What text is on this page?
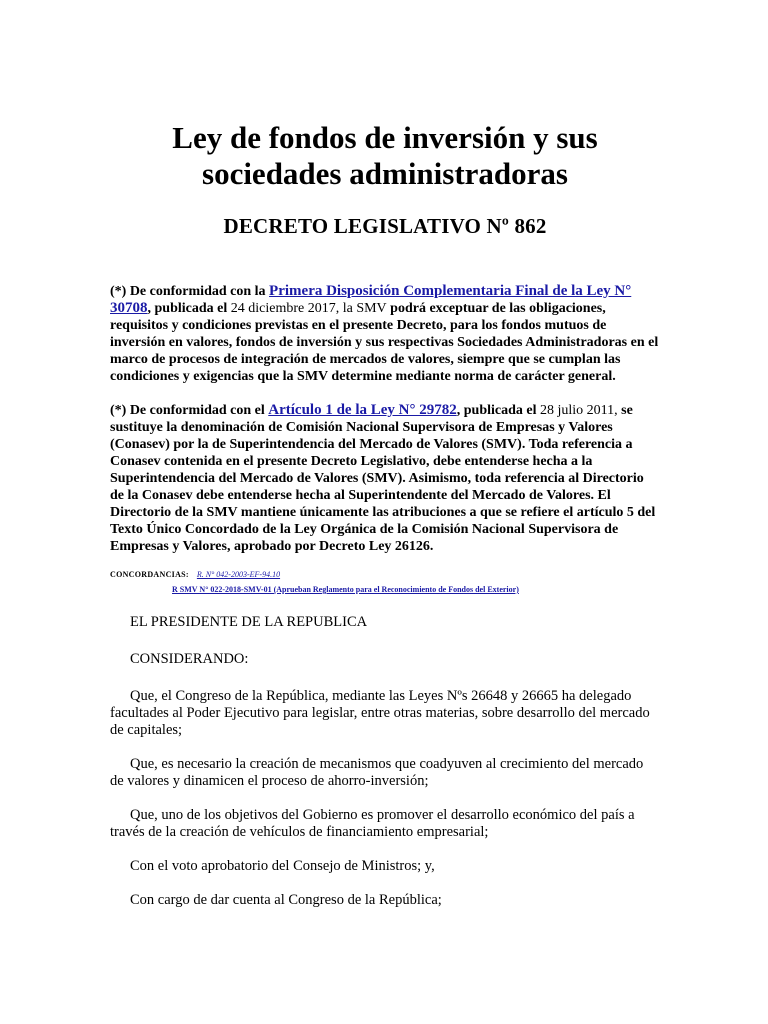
Ley de fondos de inversión y sus sociedades administradoras
DECRETO LEGISLATIVO Nº 862
(*) De conformidad con la Primera Disposición Complementaria Final de la Ley N° 30708, publicada el 24 diciembre 2017, la SMV podrá exceptuar de las obligaciones, requisitos y condiciones previstas en el presente Decreto, para los fondos mutuos de inversión en valores, fondos de inversión y sus respectivas Sociedades Administradoras en el marco de procesos de integración de mercados de valores, siempre que se cumplan las condiciones y exigencias que la SMV determine mediante norma de carácter general.
(*) De conformidad con el Artículo 1 de la Ley N° 29782, publicada el 28 julio 2011, se sustituye la denominación de Comisión Nacional Supervisora de Empresas y Valores (Conasev) por la de Superintendencia del Mercado de Valores (SMV). Toda referencia a Conasev contenida en el presente Decreto Legislativo, debe entenderse hecha a la Superintendencia del Mercado de Valores (SMV). Asimismo, toda referencia al Directorio de la Conasev debe entenderse hecha al Superintendente del Mercado de Valores. El Directorio de la SMV mantiene únicamente las atribuciones a que se refiere el artículo 5 del Texto Único Concordado de la Ley Orgánica de la Comisión Nacional Supervisora de Empresas y Valores, aprobado por Decreto Ley 26126.
CONCORDANCIAS: R. N° 042-2003-EF-94.10
R SMV N° 022-2018-SMV-01 (Aprueban Reglamento para el Reconocimiento de Fondos del Exterior)

EL PRESIDENTE DE LA REPUBLICA

CONSIDERANDO:

Que, el Congreso de la República, mediante las Leyes Nºs 26648 y 26665 ha delegado facultades al Poder Ejecutivo para legislar, entre otras materias, sobre desarrollo del mercado de capitales;

Que, es necesario la creación de mecanismos que coadyuven al crecimiento del mercado de valores y dinamicen el proceso de ahorro-inversión;

Que, uno de los objetivos del Gobierno es promover el desarrollo económico del país a través de la creación de vehículos de financiamiento empresarial;

Con el voto aprobatorio del Consejo de Ministros; y,

Con cargo de dar cuenta al Congreso de la República;
